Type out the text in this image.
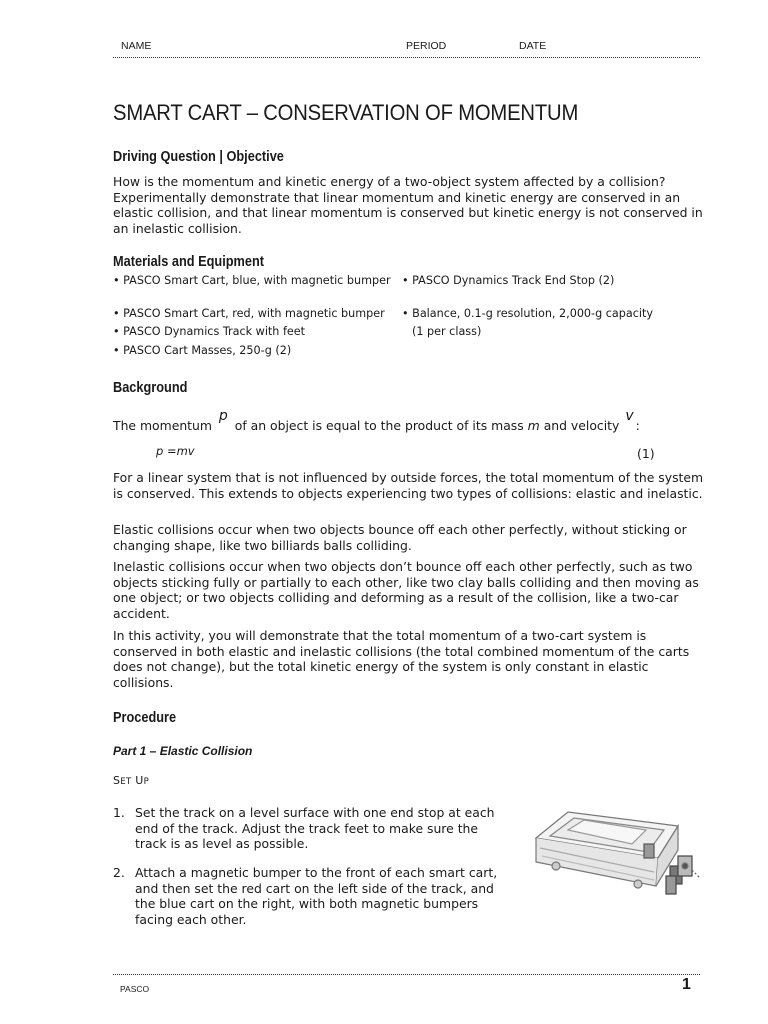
NAME	PERIOD	DATE
SMART CART – CONSERVATION OF MOMENTUM
Driving Question | Objective

How is the momentum and kinetic energy of a two-object system affected by a collision? Experimentally demonstrate that linear momentum and kinetic energy are conserved in an elastic collision, and that linear momentum is conserved but kinetic energy is not conserved in an inelastic collision.

Materials and Equipment
• PASCO Smart Cart, blue, with magnetic bumper
• PASCO Smart Cart, red, with magnetic bumper
• PASCO Dynamics Track with feet
• PASCO Cart Masses, 250-g (2)
• PASCO Dynamics Track End Stop (2)
• Balance, 0.1-g resolution, 2,000-g capacity
(1 per class)
Background
The momentum p of an object is equal to the product of its mass m and velocity v:
p =mv	(1)

For a linear system that is not influenced by outside forces, the total momentum of the system is conserved. This extends to objects experiencing two types of collisions: elastic and inelastic.

Elastic collisions occur when two objects bounce off each other perfectly, without sticking or changing shape, like two billiards balls colliding.

Inelastic collisions occur when two objects don’t bounce off each other perfectly, such as two objects sticking fully or partially to each other, like two clay balls colliding and then moving as one object; or two objects colliding and deforming as a result of the collision, like a two-car accident.

In this activity, you will demonstrate that the total momentum of a two-cart system is conserved in both elastic and inelastic collisions (the total combined momentum of the carts does not change), but the total kinetic energy of the system is only constant in elastic collisions.

Procedure
Part 1 – Elastic Collision
SET UP
1. Set the track on a level surface with one end stop at each end of the track. Adjust the track feet to make sure the track is as level as possible.
2. Attach a magnetic bumper to the front of each smart cart, and then set the red cart on the left side of the track, and the blue cart on the right, with both magnetic bumpers facing each other.
PASCO	1
